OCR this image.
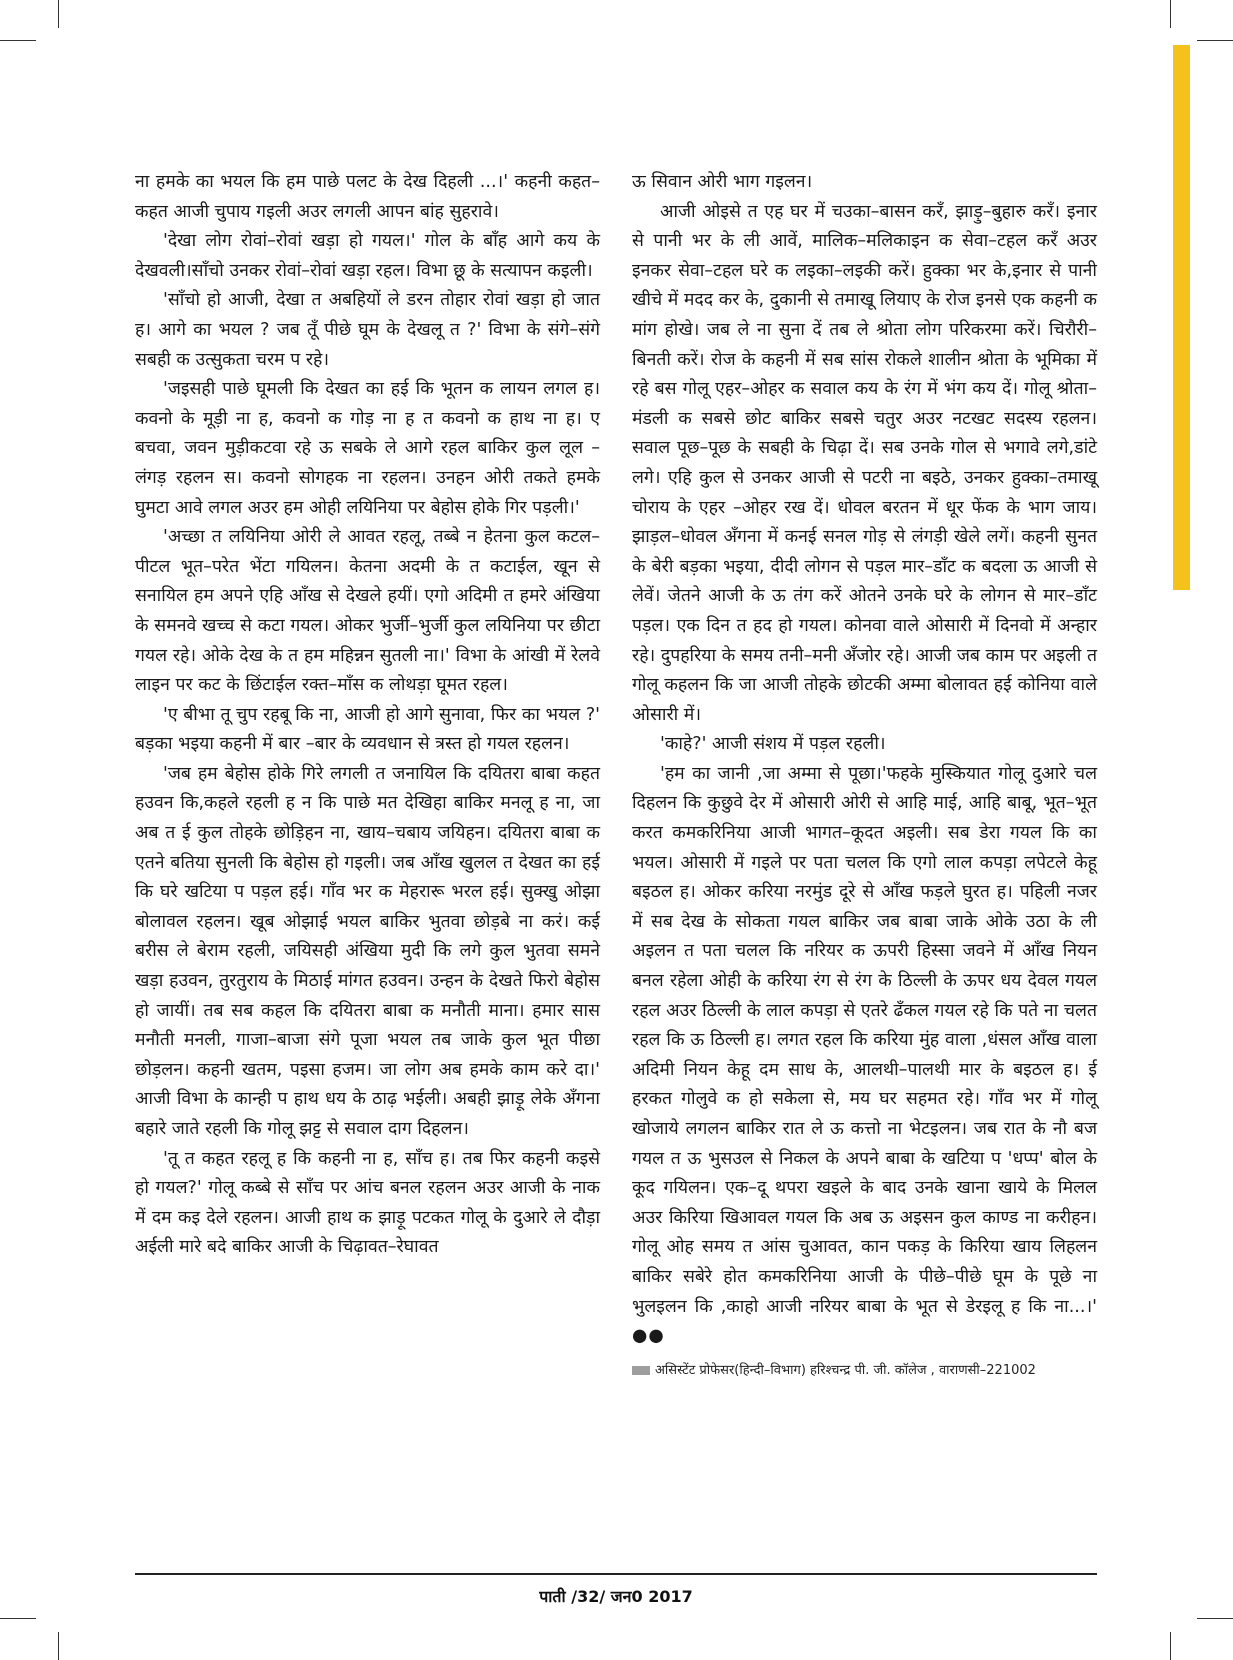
ना हमके का भयल कि हम पाछे पलट के देख दिहली ...।' कहनी कहत–कहत आजी चुपाय गइली अउर लगली आपन बांह सुहरावे।

'देखा लोग रोवां–रोवां खड़ा हो गयल।' गोल के बाँह आगे कय के देखवली।साँचो उनकर रोवां–रोवां खड़ा रहल। विभा छू के सत्यापन कइली।

'साँचो हो आजी, देखा त अबहियों ले डरन तोहार रोवां खड़ा हो जात ह। आगे का भयल ? जब तूँ पीछे घूम के देखलू त ?' विभा के संगे–संगे सबही क उत्सुकता चरम प रहे।

'जइसही पाछे घूमली कि देखत का हई कि भूतन क लायन लगल ह। कवनो के मूड़ी ना ह, कवनो क गोड़ ना ह त कवनो क हाथ ना ह। ए बचवा, जवन मुड़ीकटवा रहे ऊ सबके ले आगे रहल बाकिर कुल लूल –लंगड़ रहलन स। कवनो सोगहक ना रहलन। उनहन ओरी तकते हमके घुमटा आवे लगल अउर हम ओही लयिनिया पर बेहोस होके गिर पड़ली।'

'अच्छा त लयिनिया ओरी ले आवत रहलू, तब्बे न हेतना कुल कटल–पीटल भूत–परेत भेंटा गयिलन। केतना अदमी के त कटाईल, खून से सनायिल हम अपने एहि आँख से देखले हयीं। एगो अदिमी त हमरे अंखिया के समनवे खच्च से कटा गयल। ओकर भुर्जी–भुर्जी कुल लयिनिया पर छीटा गयल रहे। ओके देख के त हम महिन्नन सुतली ना।' विभा के आंखी में रेलवे लाइन पर कट के छिंटाईल रक्त–माँस क लोथड़ा घूमत रहल।

'ए बीभा तू चुप रहबू कि ना, आजी हो आगे सुनावा, फिर का भयल ?' बड़का भइया कहनी में बार –बार के व्यवधान से त्रस्त हो गयल रहलन।

'जब हम बेहोस होके गिरे लगली त जनायिल कि दयितरा बाबा कहत हउवन कि,कहले रहली ह न कि पाछे मत देखिहा बाकिर मनलू ह ना, जा अब त ई कुल तोहके छोड़िहन ना, खाय–चबाय जयिहन। दयितरा बाबा क एतने बतिया सुनली कि बेहोस हो गइली। जब आँख खुलल त देखत का हई कि घरे खटिया प पड़ल हई। गाँव भर क मेहरारू भरल हई। सुक्खु ओझा बोलावल रहलन। खूब ओझाई भयल बाकिर भुतवा छोड़बे ना करं। कई बरीस ले बेराम रहली, जयिसही अंखिया मुदी कि लगे कुल भुतवा समने खड़ा हउवन, तुरतुराय के मिठाई मांगत हउवन। उन्हन के देखते फिरो बेहोस हो जायीं। तब सब कहल कि दयितरा बाबा क मनौती माना। हमार सास मनौती मनली, गाजा–बाजा संगे पूजा भयल तब जाके कुल भूत पीछा छोड़लन। कहनी खतम, पइसा हजम। जा लोग अब हमके काम करे दा।' आजी विभा के कान्ही प हाथ धय के ठाढ़ भईली। अबही झाड़ू लेके अँगना बहारे जाते रहली कि गोलू झट्ट से सवाल दाग दिहलन।

'तू त कहत रहलू ह कि कहनी ना ह, साँच ह। तब फिर कहनी कइसे हो गयल?' गोलू कब्बे से साँच पर आंच बनल रहलन अउर आजी के नाक में दम कइ देले रहलन। आजी हाथ क झाड़ू पटकत गोलू के दुआरे ले दौड़ा अईली मारे बदे बाकिर आजी के चिढ़ावत–रेघावत

ऊ सिवान ओरी भाग गइलन।

आजी ओइसे त एह घर में चउका–बासन करँ, झाड़ु–बुहारु करँ। इनार से पानी भर के ली आवें, मालिक–मलिकाइन क सेवा–टहल करँ अउर इनकर सेवा–टहल घरे क लइका–लइकी करें। हुक्का भर के,इनार से पानी खीचे में मदद कर के, दुकानी से तमाखू लियाए के रोज इनसे एक कहनी क मांग होखे। जब ले ना सुना दें तब ले श्रोता लोग परिकरमा करें। चिरौरी–बिनती करें। रोज के कहनी में सब सांस रोकले शालीन श्रोता के भूमिका में रहे बस गोलू एहर–ओहर क सवाल कय के रंग में भंग कय दें। गोलू श्रोता–मंडली क सबसे छोट बाकिर सबसे चतुर अउर नटखट सदस्य रहलन। सवाल पूछ–पूछ के सबही के चिढ़ा दें। सब उनके गोल से भगावे लगे,डांटे लगे। एहि कुल से उनकर आजी से पटरी ना बइठे, उनकर हुक्का–तमाखू चोराय के एहर –ओहर रख दें। धोवल बरतन में धूर फेंक के भाग जाय। झाड़ल–धोवल अँगना में कनई सनल गोड़ से लंगड़ी खेले लगें। कहनी सुनत के बेरी बड़का भइया, दीदी लोगन से पड़ल मार–डॉंट क बदला ऊ आजी से लेवें। जेतने आजी के ऊ तंग करें ओतने उनके घरे के लोगन से मार–डॉंट पड़ल। एक दिन त हद हो गयल। कोनवा वाले ओसारी में दिनवो में अन्हार रहे। दुपहरिया के समय तनी–मनी अँजोर रहे। आजी जब काम पर अइली त गोलू कहलन कि जा आजी तोहके छोटकी अम्मा बोलावत हई कोनिया वाले ओसारी में।

'काहे?' आजी संशय में पड़ल रहली।

'हम का जानी ,जा अम्मा से पूछा।'फहके मुस्कियात गोलू दुआरे चल दिहलन कि कुछुवे देर में ओसारी ओरी से आहि माई, आहि बाबू, भूत–भूत करत कमकरिनिया आजी भागत–कूदत अइली। सब डेरा गयल कि का भयल। ओसारी में गइले पर पता चलल कि एगो लाल कपड़ा लपेटले केहू बइठल ह। ओकर करिया नरमुंड दूरे से आँख फड़ले घुरत ह। पहिली नजर में सब देख के सोकता गयल बाकिर जब बाबा जाके ओके उठा के ली अइलन त पता चलल कि नरियर क ऊपरी हिस्सा जवने में आँख नियन बनल रहेला ओही के करिया रंग से रंग के ठिल्ली के ऊपर धय देवल गयल रहल अउर ठिल्ली के लाल कपड़ा से एतरे ढँकल गयल रहे कि पते ना चलत रहल कि ऊ ठिल्ली ह। लगत रहल कि करिया मुंह वाला ,धंसल आँख वाला अदिमी नियन केहू दम साध के, आलथी–पालथी मार के बइठल ह। ई हरकत गोलुवे क हो सकेला से, मय घर सहमत रहे। गाँव भर में गोलू खोजाये लगलन बाकिर रात ले ऊ कत्तो ना भेटइलन। जब रात के नौ बज गयल त ऊ भुसउल से निकल के अपने बाबा के खटिया प 'धप्प' बोल के कूद गयिलन। एक–दू थपरा खइले के बाद उनके खाना खाये के मिलल अउर किरिया खिआवल गयल कि अब ऊ अइसन कुल काण्ड ना करीहन। गोलू ओह समय त आंस चुआवत, कान पकड़ के किरिया खाय लिहलन बाकिर सबेरे होत कमकरिनिया आजी के पीछे–पीछे घूम के पूछे ना भुलइलन कि ,काहो आजी नरियर बाबा के भूत से डेरइलू ह कि ना...।' ●●

असिस्टेंट प्रोफेसर(हिन्दी–विभाग) हरिश्चन्द्र पी. जी. कॉलेज , वाराणसी–221002
पाती /32/ जन0 2017
